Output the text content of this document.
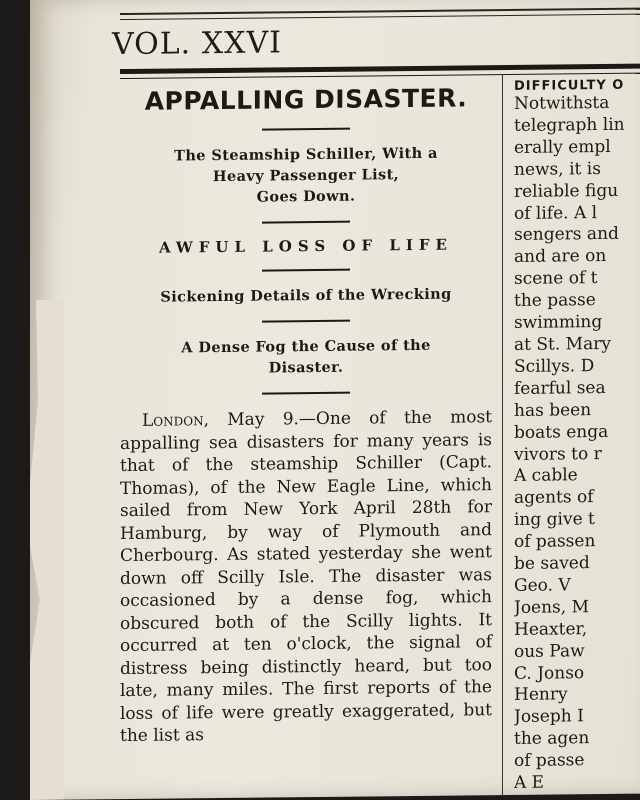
VOL. XXVI
APPALLING DISASTER.
The Steamship Schiller, With a
Heavy Passenger List,
Goes Down.
AWFUL LOSS OF LIFE
Sickening Details of the Wrecking
A Dense Fog the Cause of the
Disaster.
London, May 9.—One of the most appalling sea disasters for many years is that of the steamship Schiller (Capt. Thomas), of the New Eagle Line, which sailed from New York April 28th for Hamburg, by way of Plymouth and Cherbourg. As stated yesterday she went down off Scilly Isle. The disaster was occasioned by a dense fog, which obscured both of the Scilly lights. It occurred at ten o'clock, the signal of distress being distinctly heard, but too late, many miles. The first reports of the loss of life were greatly exaggerated, but the list as
DIFFICULTY O
Notwithsta
telegraph lin
erally empl
news, it is
reliable figu
of life. A l
sengers and
and are on
scene of t
the passe
swimming
at St. Mary
Scillys. D
fearful sea
has been
boats enga
vivors to r
A cable
agents of
ing give t
of passen
be saved
Geo. V
Joens, M
Heaxter,
ous Paw
C. Jonso
Henry
Joseph I
the agen
of passe
A E
